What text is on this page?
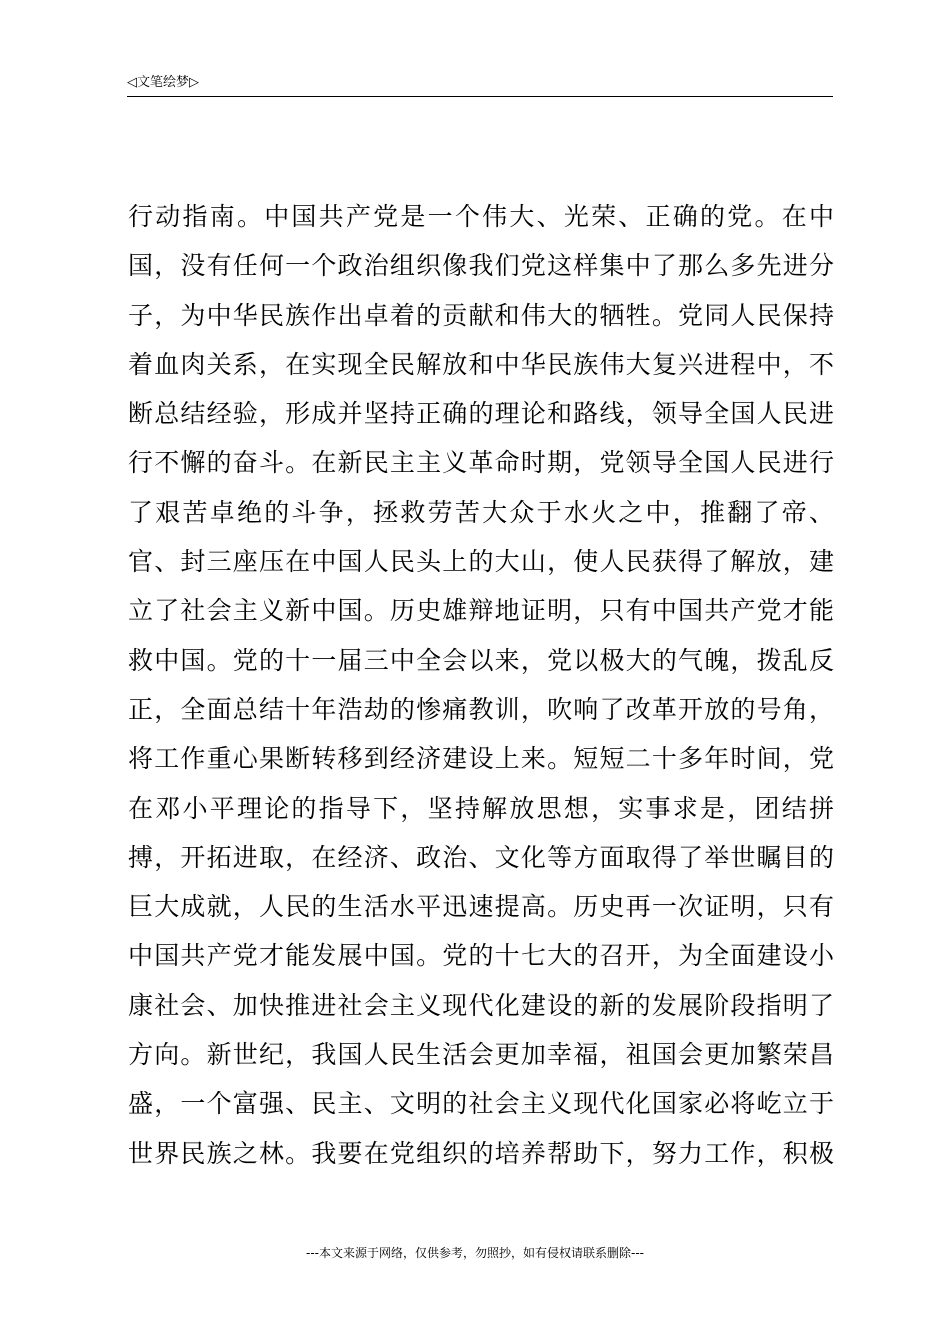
◁文笔绘梦▷
行动指南。中国共产党是一个伟大、光荣、正确的党。在中
国，没有任何一个政治组织像我们党这样集中了那么多先进分
子，为中华民族作出卓着的贡献和伟大的牺牲。党同人民保持
着血肉关系，在实现全民解放和中华民族伟大复兴进程中，不
断总结经验，形成并坚持正确的理论和路线，领导全国人民进
行不懈的奋斗。在新民主主义革命时期，党领导全国人民进行
了艰苦卓绝的斗争，拯救劳苦大众于水火之中，推翻了帝、
官、封三座压在中国人民头上的大山，使人民获得了解放，建
立了社会主义新中国。历史雄辩地证明，只有中国共产党才能
救中国。党的十一届三中全会以来，党以极大的气魄，拨乱反
正，全面总结十年浩劫的惨痛教训，吹响了改革开放的号角，
将工作重心果断转移到经济建设上来。短短二十多年时间，党
在邓小平理论的指导下，坚持解放思想，实事求是，团结拼
搏，开拓进取，在经济、政治、文化等方面取得了举世瞩目的
巨大成就，人民的生活水平迅速提高。历史再一次证明，只有
中国共产党才能发展中国。党的十七大的召开，为全面建设小
康社会、加快推进社会主义现代化建设的新的发展阶段指明了
方向。新世纪，我国人民生活会更加幸福，祖国会更加繁荣昌
盛，一个富强、民主、文明的社会主义现代化国家必将屹立于
世界民族之林。我要在党组织的培养帮助下，努力工作，积极
---本文来源于网络，仅供参考，勿照抄，如有侵权请联系删除---
